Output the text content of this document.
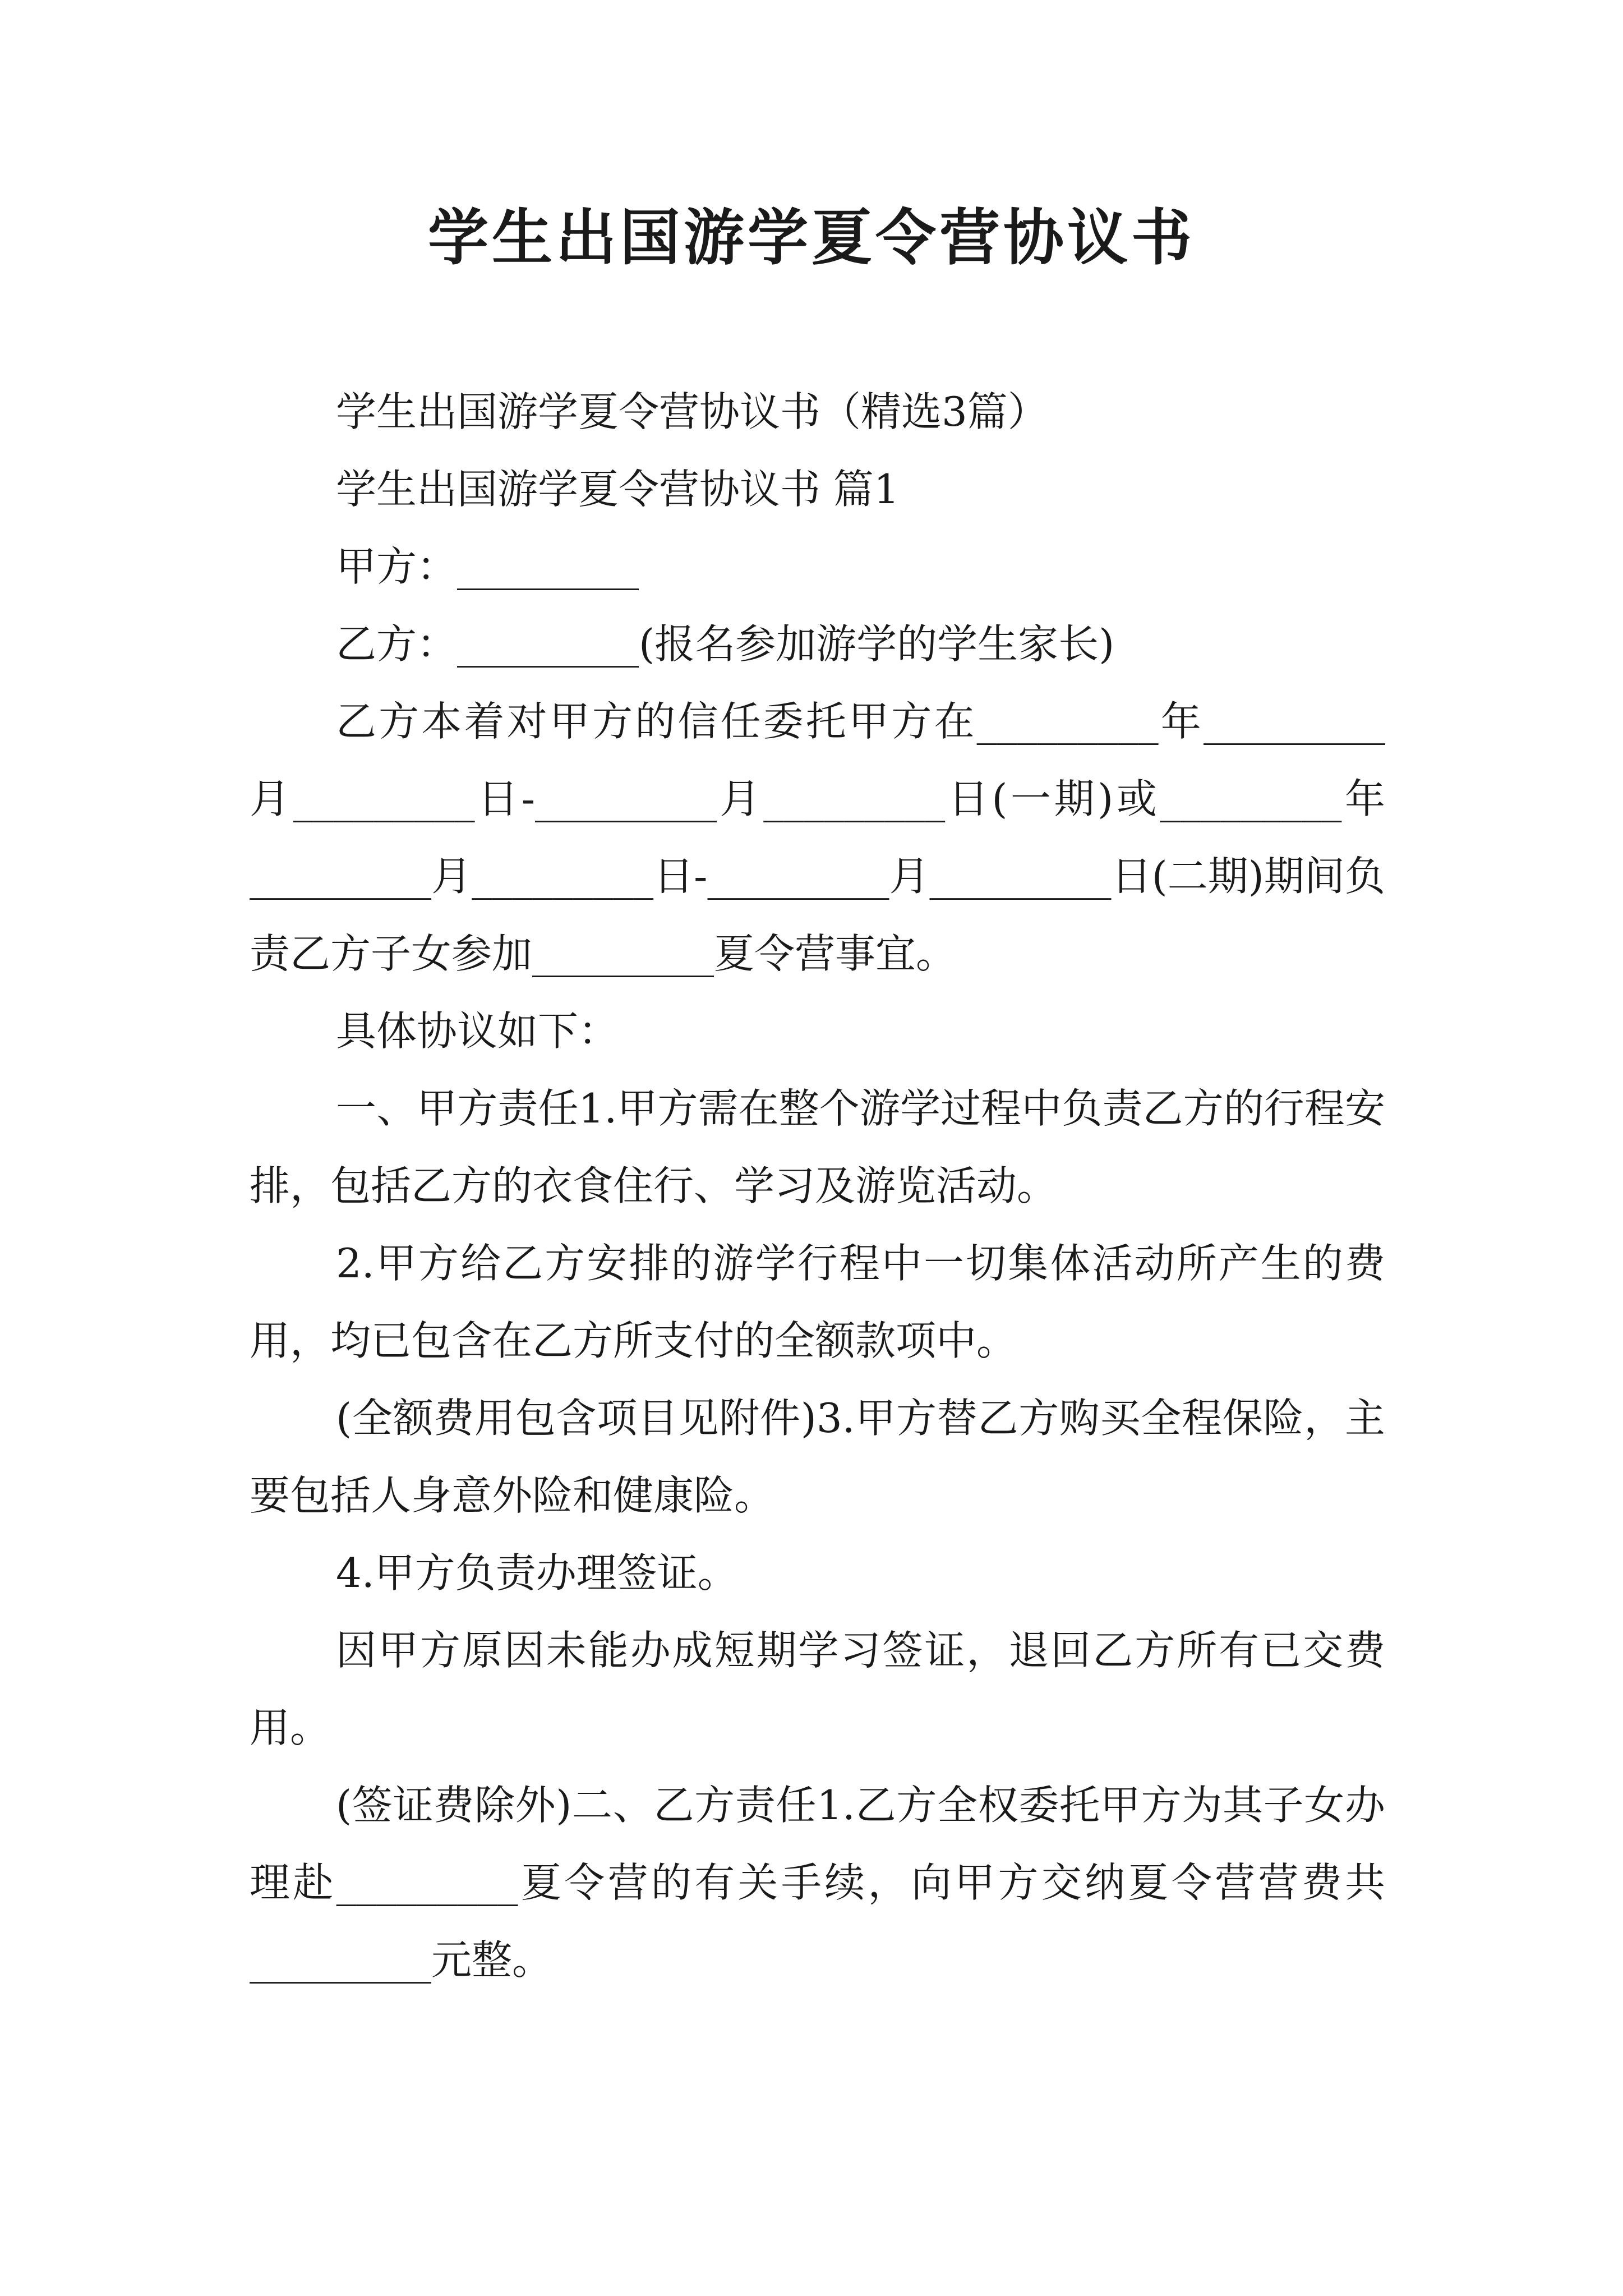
学生出国游学夏令营协议书

学生出国游学夏令营协议书（精选3篇）

学生出国游学夏令营协议书 篇1

甲方：_________

乙方：_________(报名参加游学的学生家长)

乙方本着对甲方的信任委托甲方在_________年_________月_________日-_________月_________日(一期)或_________年_________月_________日-_________月_________日(二期)期间负责乙方子女参加_________夏令营事宜。

具体协议如下：

一、甲方责任1.甲方需在整个游学过程中负责乙方的行程安排，包括乙方的衣食住行、学习及游览活动。

2.甲方给乙方安排的游学行程中一切集体活动所产生的费用，均已包含在乙方所支付的全额款项中。

(全额费用包含项目见附件)3.甲方替乙方购买全程保险，主要包括人身意外险和健康险。

4.甲方负责办理签证。

因甲方原因未能办成短期学习签证，退回乙方所有已交费用。

(签证费除外)二、乙方责任1.乙方全权委托甲方为其子女办理赴_________夏令营的有关手续，向甲方交纳夏令营营费共_________元整。
